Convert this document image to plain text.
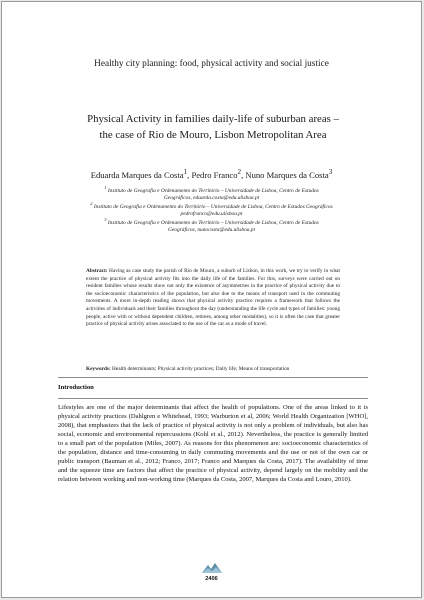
Healthy city planning: food, physical activity and social justice
Physical Activity in families daily-life of suburban areas – the case of Rio de Mouro, Lisbon Metropolitan Area
Eduarda Marques da Costa$^1$, Pedro Franco$^2$, Nuno Marques da Costa$^3$
$^1$ Instituto de Geografia e Ordenamento do Território – Universidade de Lisboa, Centro de Estudos
Geográficos, eduarda.costa@edu.ulisboa.pt
$^2$ Instituto de Geografia e Ordenamento do Território – Universidade de Lisboa, Centro de Estudos Geográficos
pedrofranco@edu.ulisboa.pt
$^3$ Instituto de Geografia e Ordenamento do Território – Universidade de Lisboa, Centro de Estudos
Geográficos, nunocosta@edu.ulisboa.pt
Abstract: Having as case study the parish of Rio de Mouro, a suburb of Lisbon, in this work, we try to verify in what extent the practice of physical activity fits into the daily life of the families. For this, surveys were carried out on resident families whose results show not only the existence of asymmetries in the practice of physical activity due to the socioeconomic characteristics of the population, but also due to the means of transport used in the commuting movements. A more in-depth reading shows that physical activity practice requires a framework that follows the activities of individuals and their families throughout the day (understanding the life cycle and types of families: young people, active with or without dependent children, retirees, among other modalities), so it is often the case that greater practice of physical activity arises associated to the use of the car as a mode of travel.
Keywords: Health determinants; Physical activity practices; Daily life; Means of transportation
Introduction
Lifestyles are one of the major determinants that affect the health of populations. One of the areas linked to it is physical activity practices (Dahlgren e Whitehead, 1993; Warburton et al, 2006; World Health Organization [WHO], 2008), that emphasizes that the lack of practice of physical activity is not only a problem of individuals, but also has social, economic and environmental repercussions (Kohl et al., 2012). Nevertheless, the practice is generally limited to a small part of the population (Miles, 2007). As reasons for this phenomenon are: socioeconomic characteristics of the population, distance and time-consuming in daily commuting movements and the use or not of the own car or public transport (Bauman et al., 2012; Franco, 2017; Franco and Marques da Costa, 2017). The availability of time and the squeeze time are factors that affect the practice of physical activity, depend largely on the mobility and the relation between working and non-working time (Marques da Costa, 2007, Marques da Costa and Louro, 2010).
2406
